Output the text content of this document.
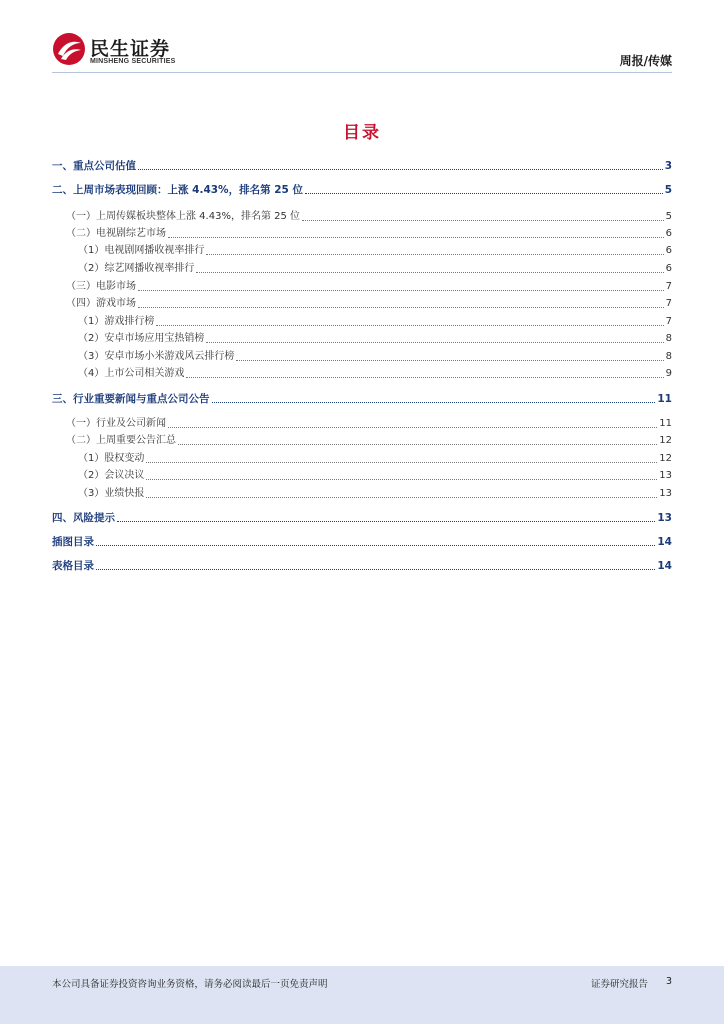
民生证券
MINSHENG SECURITIES	周报/传媒
目录
一、重点公司估值	3
二、上周市场表现回顾：上涨 4.43%，排名第 25 位	5
（一）上周传媒板块整体上涨 4.43%，排名第 25 位	5
（二）电视剧综艺市场	6
（1）电视剧网播收视率排行	6
（2）综艺网播收视率排行	6
（三）电影市场	7
（四）游戏市场	7
（1）游戏排行榜	7
（2）安卓市场应用宝热销榜	8
（3）安卓市场小米游戏风云排行榜	8
（4）上市公司相关游戏	9
三、行业重要新闻与重点公司公告	11
（一）行业及公司新闻	11
（二）上周重要公告汇总	12
（1）股权变动	12
（2）会议决议	13
（3）业绩快报	13
四、风险提示	13
插图目录	14
表格目录	14
本公司具备证券投资咨询业务资格，请务必阅读最后一页免责声明	证券研究报告 3
